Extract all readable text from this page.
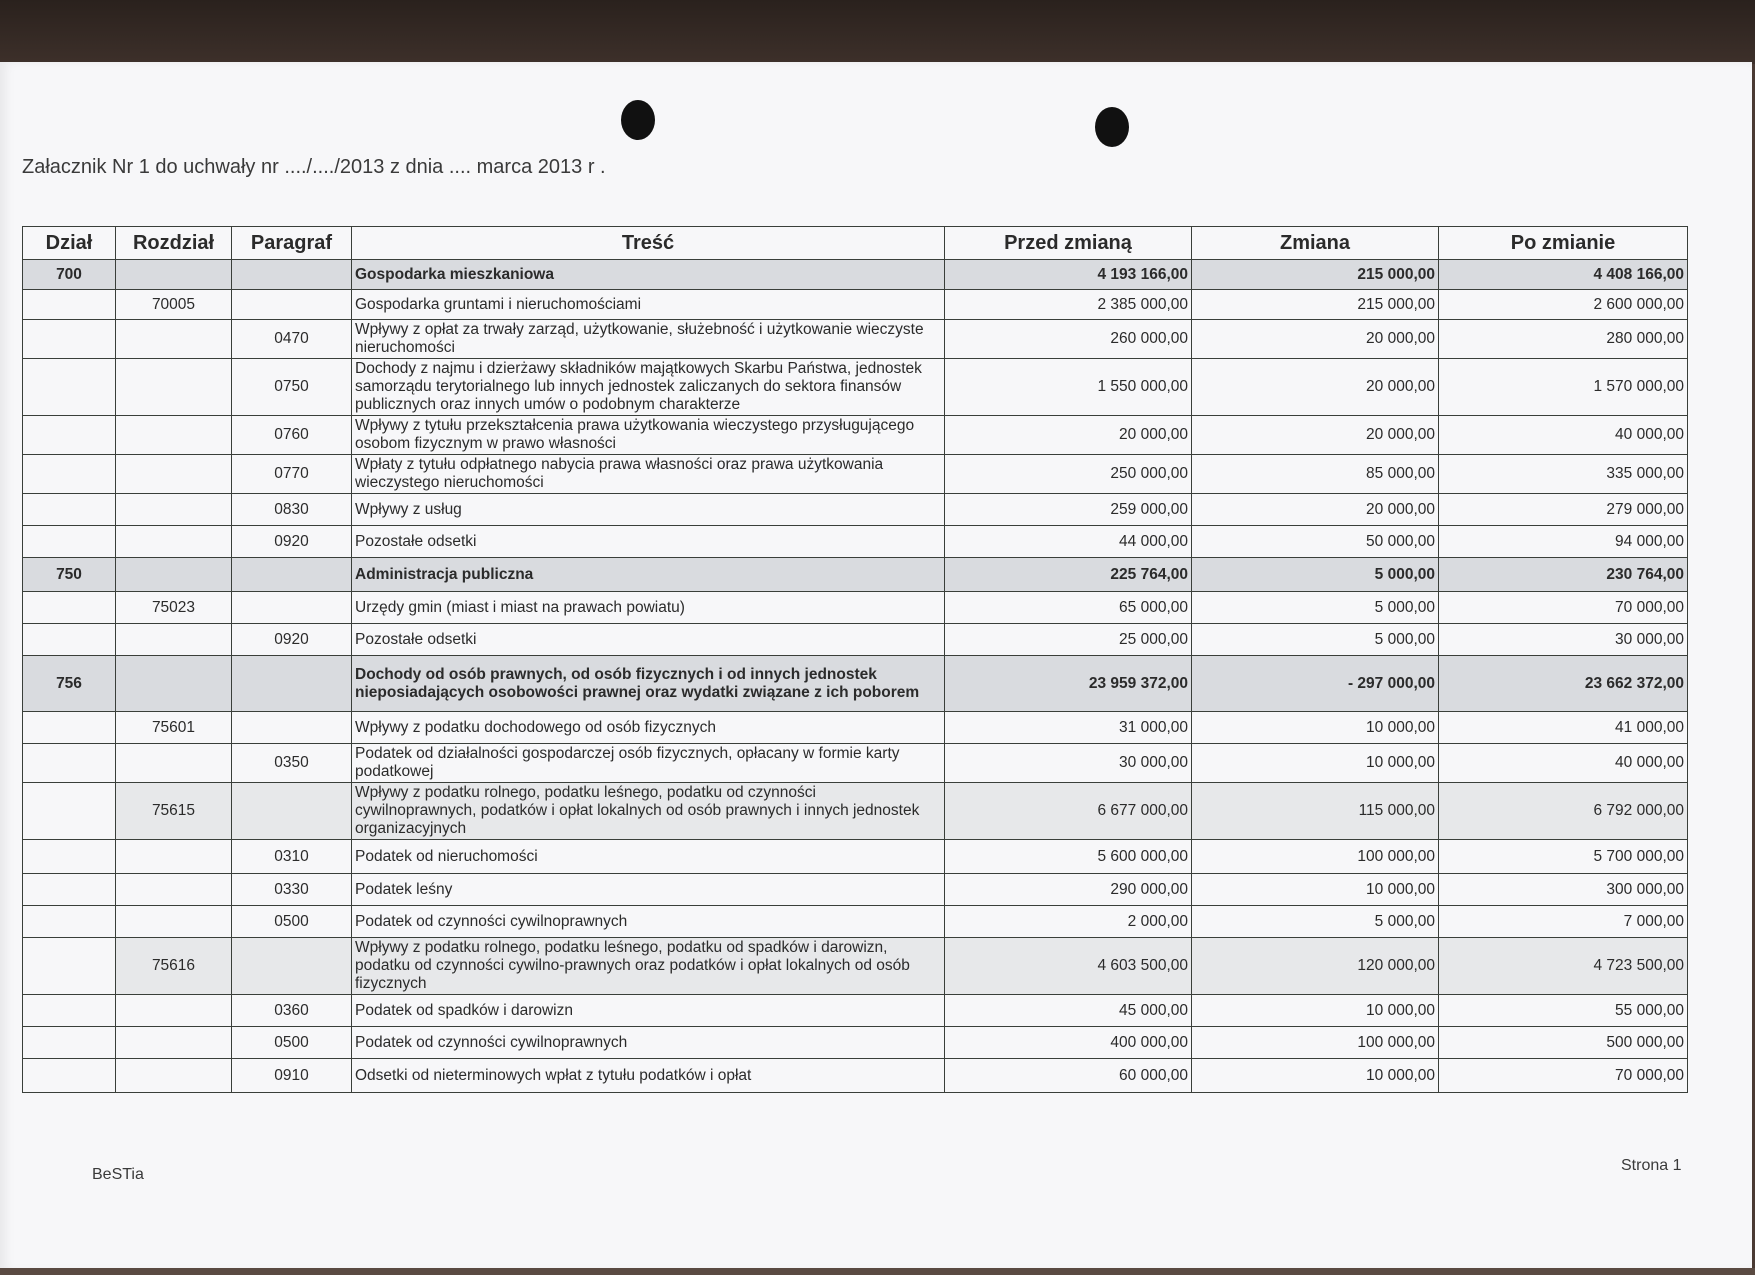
Załacznik Nr 1 do uchwały nr ..../..../2013 z dnia .... marca 2013 r .
Dział	Rozdział	Paragraf	Treść	Przed zmianą	Zmiana	Po zmianie
700			Gospodarka mieszkaniowa	4 193 166,00	215 000,00	4 408 166,00
	70005		Gospodarka gruntami i nieruchomościami	2 385 000,00	215 000,00	2 600 000,00
		0470	Wpływy z opłat za trwały zarząd, użytkowanie, służebność i użytkowanie wieczyste nieruchomości	260 000,00	20 000,00	280 000,00
		0750	Dochody z najmu i dzierżawy składników majątkowych Skarbu Państwa, jednostek samorządu terytorialnego lub innych jednostek zaliczanych do sektora finansów publicznych oraz innych umów o podobnym charakterze	1 550 000,00	20 000,00	1 570 000,00
		0760	Wpływy z tytułu przekształcenia prawa użytkowania wieczystego przysługującego osobom fizycznym w prawo własności	20 000,00	20 000,00	40 000,00
		0770	Wpłaty z tytułu odpłatnego nabycia prawa własności oraz prawa użytkowania wieczystego nieruchomości	250 000,00	85 000,00	335 000,00
		0830	Wpływy z usług	259 000,00	20 000,00	279 000,00
		0920	Pozostałe odsetki	44 000,00	50 000,00	94 000,00
750			Administracja publiczna	225 764,00	5 000,00	230 764,00
	75023		Urzędy gmin (miast i miast na prawach powiatu)	65 000,00	5 000,00	70 000,00
		0920	Pozostałe odsetki	25 000,00	5 000,00	30 000,00
756			Dochody od osób prawnych, od osób fizycznych i od innych jednostek nieposiadających osobowości prawnej oraz wydatki związane z ich poborem	23 959 372,00	- 297 000,00	23 662 372,00
	75601		Wpływy z podatku dochodowego od osób fizycznych	31 000,00	10 000,00	41 000,00
		0350	Podatek od działalności gospodarczej osób fizycznych, opłacany w formie karty podatkowej	30 000,00	10 000,00	40 000,00
	75615		Wpływy z podatku rolnego, podatku leśnego, podatku od czynności cywilnoprawnych, podatków i opłat lokalnych od osób prawnych i innych jednostek organizacyjnych	6 677 000,00	115 000,00	6 792 000,00
		0310	Podatek od nieruchomości	5 600 000,00	100 000,00	5 700 000,00
		0330	Podatek leśny	290 000,00	10 000,00	300 000,00
		0500	Podatek od czynności cywilnoprawnych	2 000,00	5 000,00	7 000,00
	75616		Wpływy z podatku rolnego, podatku leśnego, podatku od spadków i darowizn, podatku od czynności cywilno-prawnych oraz podatków i opłat lokalnych od osób fizycznych	4 603 500,00	120 000,00	4 723 500,00
		0360	Podatek od spadków i darowizn	45 000,00	10 000,00	55 000,00
		0500	Podatek od czynności cywilnoprawnych	400 000,00	100 000,00	500 000,00
		0910	Odsetki od nieterminowych wpłat z tytułu podatków i opłat	60 000,00	10 000,00	70 000,00
BeSTia
Strona 1
